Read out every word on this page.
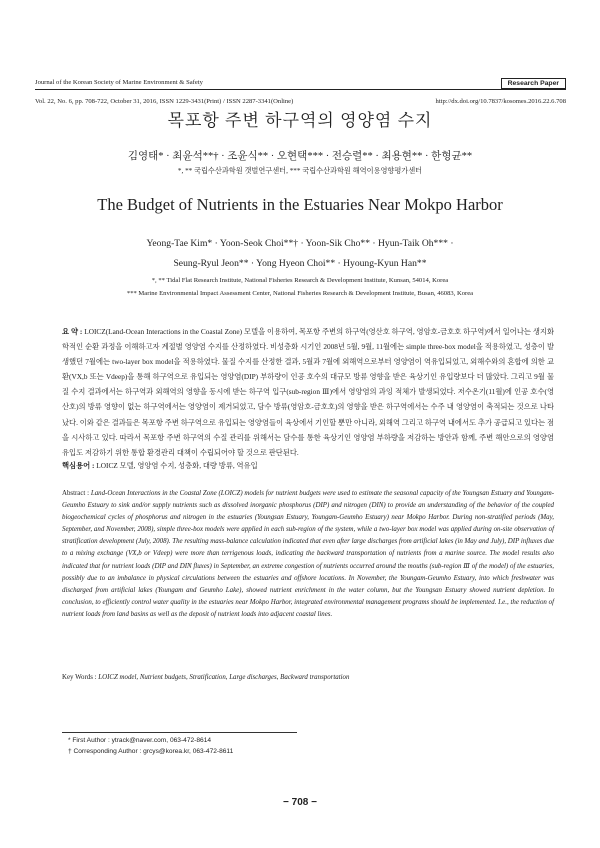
Journal of the Korean Society of Marine Environment & Safety	Research Paper
Vol. 22, No. 6, pp. 708-722, October 31, 2016, ISSN 1229-3431(Print) / ISSN 2287-3341(Online)	http://dx.doi.org/10.7837/kosomes.2016.22.6.708
목포항 주변 하구역의 영양염 수지
김영태* · 최윤석**† · 조윤식** · 오현택*** · 전승렬** · 최용현** · 한형균**
*, ** 국립수산과학원 갯벌연구센터, *** 국립수산과학원 해역이용영향평가센터
The Budget of Nutrients in the Estuaries Near Mokpo Harbor
Yeong-Tae Kim* · Yoon-Seok Choi**† · Yoon-Sik Cho** · Hyun-Taik Oh*** ·
Seung-Ryul Jeon** · Yong Hyeon Choi** · Hyoung-Kyun Han**
*, ** Tidal Flat Research Institute, National Fisheries Research & Development Institute, Kunsan, 54014, Korea
*** Marine Environmental Impact Assessment Center, National Fisheries Research & Development Institute, Busan, 46083, Korea
요 약 : LOICZ(Land-Ocean Interactions in the Coastal Zone) 모델을 이용하여, 목포항 주변의 하구역(영산호 하구역, 영암호-금호호 하구역)에서 일어나는 생지화학적인 순환 과정을 이해하고자 계절별 영양염 수지를 산정하였다. 비성층화 시기인 2008년 5월, 9월, 11월에는 simple three-box model을 적용하였고, 성층이 발생했던 7월에는 two-layer box model을 적용하였다. 물질 수지를 산정한 결과, 5월과 7월에 외해역으로부터 영양염이 역유입되었고, 외해수와의 혼합에 의한 교환(VX,b 또는 Vdeep)을 통해 하구역으로 유입되는 영양염(DIP) 부하량이 인공 호수의 대규모 방류 영향을 받은 육상기인 유입량보다 더 많았다. 그리고 9월 물질 수지 결과에서는 하구역과 외해역의 영향을 동시에 받는 하구역 입구(sub-region Ⅲ)에서 영양염의 과잉 적체가 발생되었다. 저수온기(11월)에 인공 호수(영산호)의 방류 영향이 없는 하구역에서는 영양염이 제거되었고, 담수 방류(영암호-금호호)의 영향을 받은 하구역에서는 수주 내 영양염이 축적되는 것으로 나타났다. 이와 같은 결과들은 목포항 주변 하구역으로 유입되는 영양염들이 육상에서 기인할 뿐만 아니라, 외해역 그리고 하구역 내에서도 추가 공급되고 있다는 점을 시사하고 있다. 따라서 목포항 주변 하구역의 수질 관리를 위해서는 담수를 통한 육상기인 영양염 부하량을 저감하는 방안과 함께, 주변 해안으로의 영양염 유입도 저감하기 위한 통합 환경관리 대책이 수립되어야 할 것으로 판단된다.
핵심용어 : LOICZ 모델, 영양염 수지, 성층화, 대량 방류, 역유입
Abstract : Land-Ocean Interactions in the Coastal Zone (LOICZ) models for nutrient budgets were used to estimate the seasonal capacity of the Youngsan Estuary and Youngam-Geumho Estuary to sink and/or supply nutrients such as dissolved inorganic phosphorus (DIP) and nitrogen (DIN) to provide an understanding of the behavior of the coupled biogeochemical cycles of phosphorus and nitrogen in the estuaries (Youngsan Estuary, Youngam-Geumho Estuary) near Mokpo Harbor. During non-stratified periods (May, September, and November, 2008), simple three-box models were applied in each sub-region of the system, while a two-layer box model was applied during on-site observation of stratification development (July, 2008). The resulting mass-balance calculation indicated that even after large discharges from artificial lakes (in May and July), DIP influxes due to a mixing exchange (VX,b or Vdeep) were more than terrigenous loads, indicating the backward transportation of nutrients from a marine source. The model results also indicated that for nutrient loads (DIP and DIN fluxes) in September, an extreme congestion of nutrients occurred around the mouths (sub-region Ⅲ of the model) of the estuaries, possibly due to an imbalance in physical circulations between the estuaries and offshore locations. In November, the Youngam-Geumho Estuary, into which freshwater was discharged from artificial lakes (Youngam and Geumho Lake), showed nutrient enrichment in the water column, but the Youngsan Estuary showed nutrient depletion. In conclusion, to efficiently control water quality in the estuaries near Mokpo Harbor, integrated environmental management programs should be implemented. I.e., the reduction of nutrient loads from land basins as well as the deposit of nutrient loads into adjacent coastal lines.
Key Words : LOICZ model, Nutrient budgets, Stratification, Large discharges, Backward transportation
* First Author : ytrack@naver.com, 063-472-8614
† Corresponding Author : grcys@korea.kr, 063-472-8611
− 708 −
